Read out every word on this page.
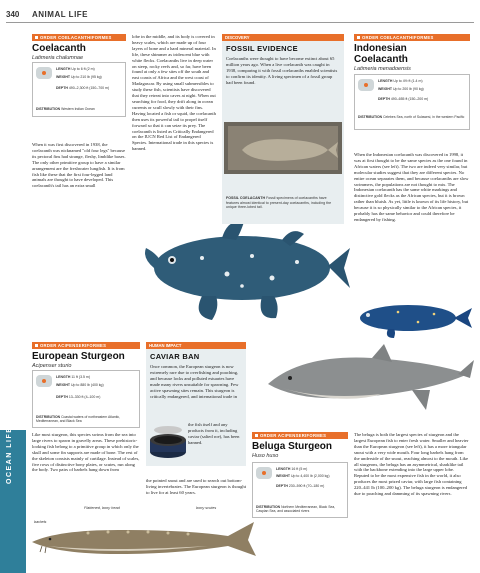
340 ANIMAL LIFE
OCEAN LIFE
ORDER COELACANTHIFORMES
Coelacanth
Latimeria chalumnae
LENGTH Up to 6 ft (2 m)
WEIGHT Up to 210 lb (95 kg)
DEPTH 490–2,300 ft (150–700 m)
DISTRIBUTION Western Indian Ocean
When it was first discovered in 1938, the coelacanth was nicknamed "old four legs" because its pectoral fins had strange, fleshy, limblike bases. The only other primitive group to have a similar arrangement are the freshwater lungfish. It is from fish like these that the first four-legged land animals are thought to have developed. This coelacanth's tail has an extra small
lobe in the middle, and its body is covered in heavy scales, which are made up of four layers of bone and a hard mineral material. In life, these shimmer as iridescent blue with white flecks. Coelacanths live in deep water on steep, rocky reefs and, so far, have been found at only a few sites off the south and east coasts of Africa and the west coast of Madagascar. By using small submersibles to study these fish, scientists have discovered that they retreat into caves at night. When out searching for food, they drift along in ocean currents or scull slowly with their fins. Having located a fish or squid, the coelacanth then uses its powerful tail to propel itself forward so that it can seize its prey. The coelacanth is listed as Critically Endangered on the IUCN Red List of Endangered Species. International trade in this species is banned.
DISCOVERY
FOSSIL EVIDENCE
Coelacanths were thought to have become extinct about 65 million years ago. When a live coelacanth was caught in 1938, comparing it with fossil coelacanths enabled scientists to confirm its identity. A living specimen of a fossil group had been found.
FOSSIL COELACANTH Fossil specimens of coelacanths have features almost identical to present-day coelacanths, including the unique three-lobed tail.
ORDER COELACANTHIFORMES
Indonesian
Coelacanth
Latimeria menadoensis
LENGTH Up to 4½ ft (1.4 m)
WEIGHT Up to 200 lb (90 kg)
DEPTH 490–655 ft (150–200 m)
DISTRIBUTION Celebes Sea, north of Sulawesi, in the western Pacific
When the Indonesian coelacanth was discovered in 1998, it was at first thought to be the same species as the one found in African waters (see left). The two are indeed very similar, but molecular studies suggest that they are different species. No entire ocean separates them, and because coelacanths are slow swimmers, the populations are not thought to mix. The Indonesian coelacanth has the same white markings and distinctive gold flecks as the African species, but it is brown rather than bluish. As yet, little is known of its life history, but because it is so physically similar to the African species, it probably has the same behavior and could therefore be endangered by fishing.
ORDER ACIPENSERIFORMES
European Sturgeon
Acipenser sturio
LENGTH 11 ft (3.5 m)
WEIGHT Up to 880 lb (400 kg)
DEPTH 13–330 ft (4–100 m)
DISTRIBUTION Coastal waters of northeastern Atlantic, Mediterranean, and Black Sea
Like most sturgeon, this species swims from the sea into large rivers to spawn in gravelly areas. These prehistoric-looking fish belong to a primitive group in which only the skull and some fin supports are made of bone. The rest of the skeleton consists mainly of cartilage. Instead of scales, five rows of distinctive bony plates, or scutes, run along the body. Two pairs of barbels hang down from
HUMAN IMPACT
CAVIAR BAN
Once common, the European sturgeon is now extremely rare due to overfishing and poaching, and because locks and polluted estuaries have made many rivers unsuitable for spawning. Few active spawning sites remain. This sturgeon is critically endangered, and international trade in
the fish itself and any products from it, including caviar (salted roe), has been banned.
the pointed snout and are used to search out bottom-living invertebrates. The European sturgeon is thought to live for at least 60 years.
Flattened, bony head	bony scutes
barbels
ORDER ACIPENSERIFORMES
Beluga Sturgeon
Huso huso
LENGTH 16 ft (5 m)
WEIGHT Up to 4,400 lb (2,000 kg)
DEPTH 230–590 ft (70–180 m)
DISTRIBUTION Northern Mediterranean, Black Sea, Caspian Sea, and associated rivers
The beluga is both the largest species of sturgeon and the largest European fish to enter fresh water. Smaller and heavier than the European sturgeon (see left), it has a more triangular snout with a very wide mouth. Four long barbels hang from the underside of the snout, reaching almost to the mouth. Like all sturgeons, the beluga has an asymmetrical, sharklike tail with the backbone extending into the large upper lobe. Reputed to be the most expensive fish in the world, it also produces the most prized caviar, with large fish containing 220–441 lb (100–200 kg). The beluga sturgeon is endangered due to poaching and damming of its spawning rivers.
